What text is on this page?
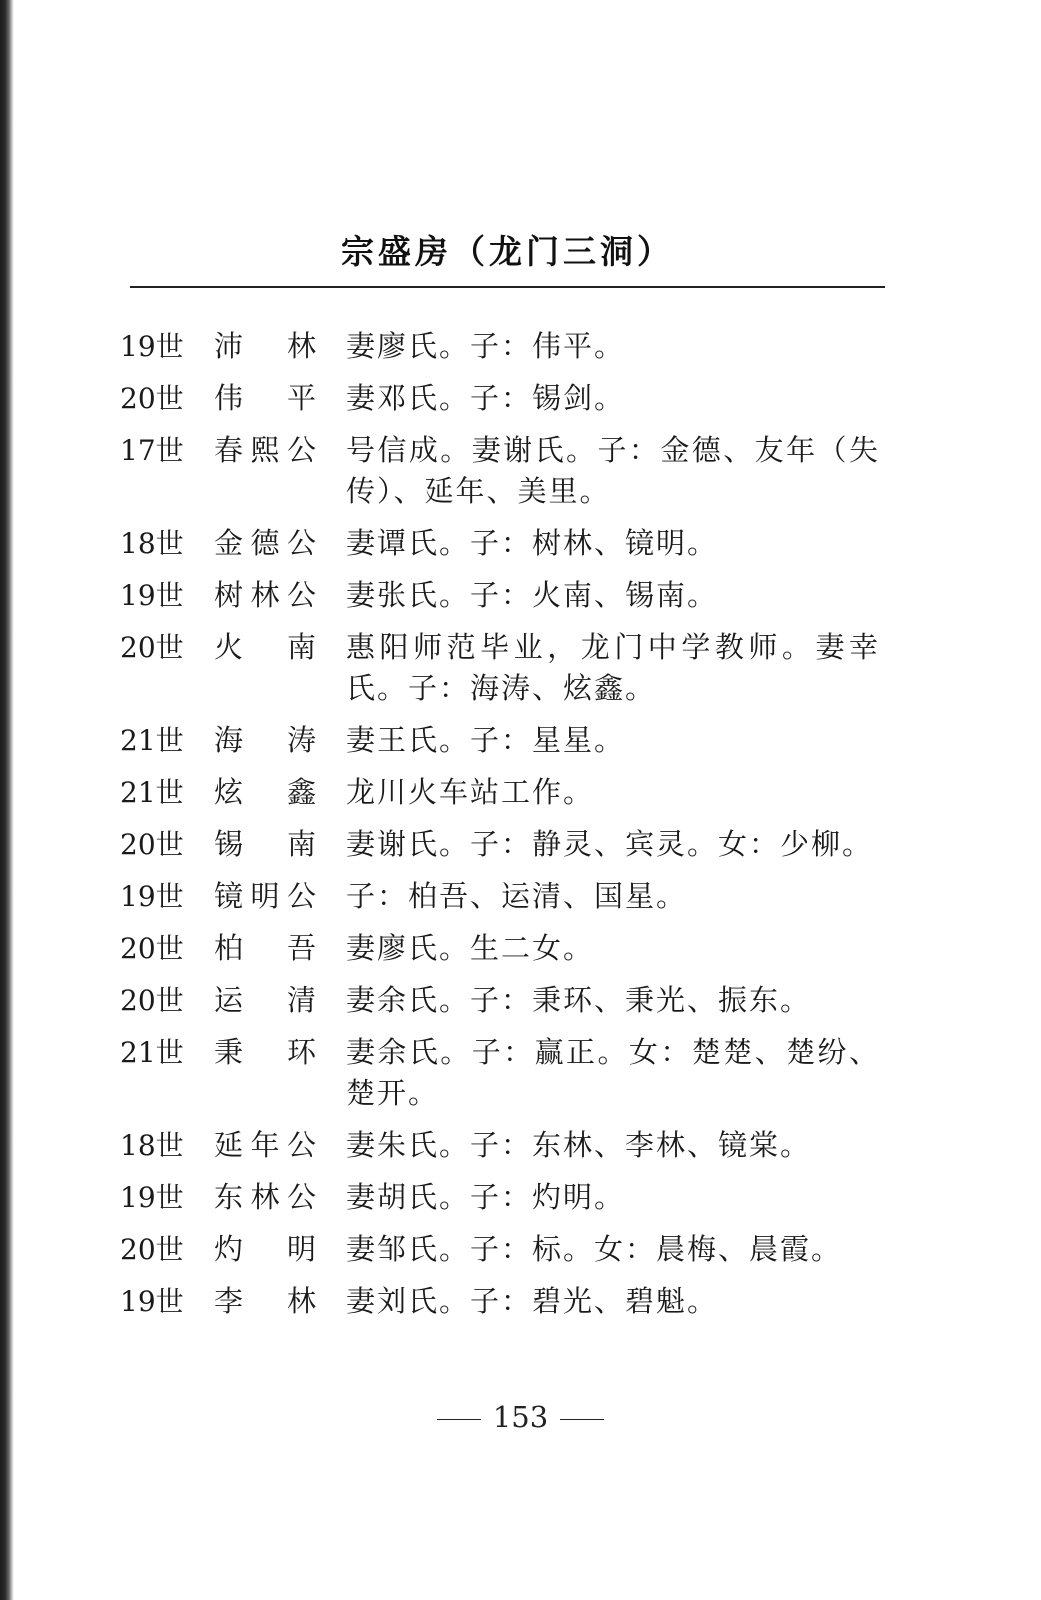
宗盛房（龙门三洞）
19世	沛林	妻廖氏。子：伟平。
20世	伟平	妻邓氏。子：锡剑。
17世	春熙公	号信成。妻谢氏。子：金德、友年（失传）、延年、美里。
18世	金德公	妻谭氏。子：树林、镜明。
19世	树林公	妻张氏。子：火南、锡南。
20世	火南	惠阳师范毕业，龙门中学教师。妻幸氏。子：海涛、炫鑫。
21世	海涛	妻王氏。子：星星。
21世	炫鑫	龙川火车站工作。
20世	锡南	妻谢氏。子：静灵、宾灵。女：少柳。
19世	镜明公	子：柏吾、运清、国星。
20世	柏吾	妻廖氏。生二女。
20世	运清	妻余氏。子：秉环、秉光、振东。
21世	秉环	妻余氏。子：赢正。女：楚楚、楚纷、楚开。
18世	延年公	妻朱氏。子：东林、李林、镜棠。
19世	东林公	妻胡氏。子：灼明。
20世	灼明	妻邹氏。子：标。女：晨梅、晨霞。
19世	李林	妻刘氏。子：碧光、碧魁。
153
